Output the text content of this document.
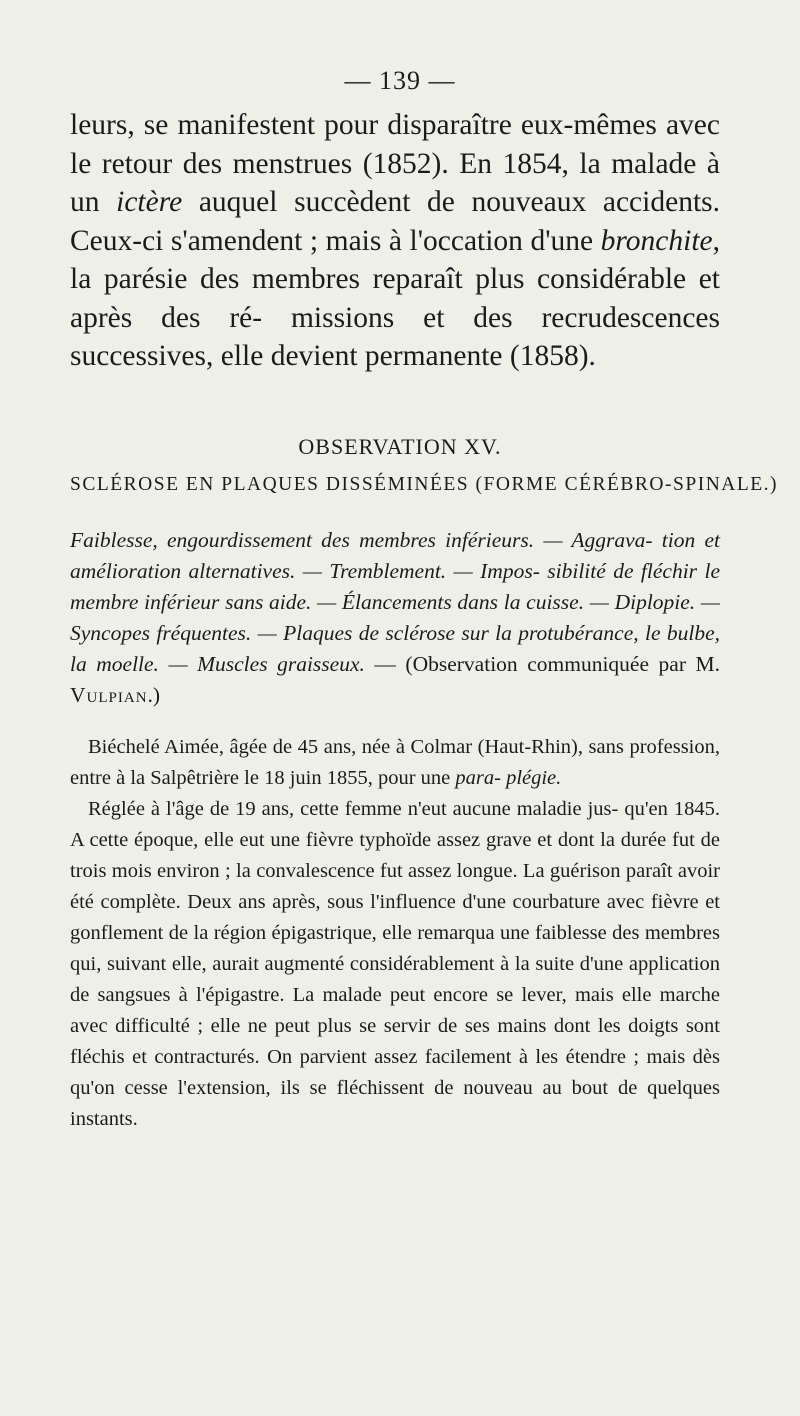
— 139 —

leurs, se manifestent pour disparaître eux-mêmes avec le retour des menstrues (1852). En 1854, la malade à un ictère auquel succèdent de nouveaux accidents. Ceux-ci s'amendent ; mais à l'occation d'une bronchite, la parésie des membres reparaît plus considérable et après des ré- missions et des recrudescences successives, elle devient permanente (1858).

OBSERVATION XV.
SCLÉROSE EN PLAQUES DISSÉMINÉES (FORME CÉRÉBRO-SPINALE.)

Faiblesse, engourdissement des membres inférieurs. — Aggrava- tion et amélioration alternatives. — Tremblement. — Impos- sibilité de fléchir le membre inférieur sans aide. — Élancements dans la cuisse. — Diplopie. — Syncopes fréquentes. — Plaques de sclérose sur la protubérance, le bulbe, la moelle. — Muscles graisseux. — (Observation communiquée par M. Vulpian.)

Biéchelé Aimée, âgée de 45 ans, née à Colmar (Haut-Rhin), sans profession, entre à la Salpêtrière le 18 juin 1855, pour une para- plégie.

Réglée à l'âge de 19 ans, cette femme n'eut aucune maladie jus- qu'en 1845. A cette époque, elle eut une fièvre typhoïde assez grave et dont la durée fut de trois mois environ ; la convalescence fut assez longue. La guérison paraît avoir été complète. Deux ans après, sous l'influence d'une courbature avec fièvre et gonflement de la région épigastrique, elle remarqua une faiblesse des membres qui, suivant elle, aurait augmenté considérablement à la suite d'une application de sangsues à l'épigastre. La malade peut encore se lever, mais elle marche avec difficulté ; elle ne peut plus se servir de ses mains dont les doigts sont fléchis et contracturés. On parvient assez facilement à les étendre ; mais dès qu'on cesse l'extension, ils se fléchissent de nouveau au bout de quelques instants.
